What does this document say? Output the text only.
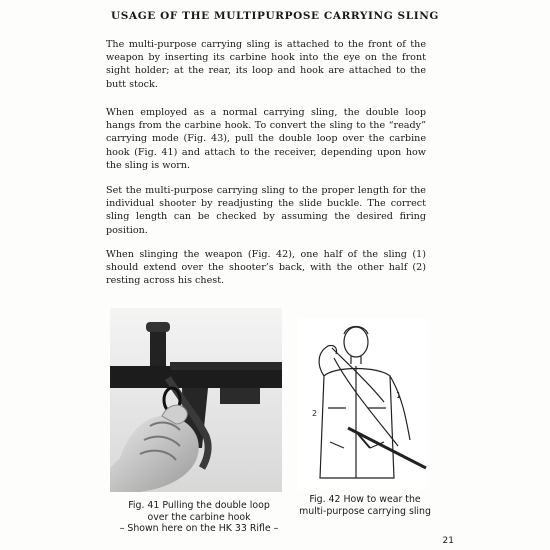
USAGE OF THE MULTIPURPOSE CARRYING SLING
The multi-purpose carrying sling is attached to the front of the weapon by inserting its carbine hook into the eye on the front sight holder; at the rear, its loop and hook are attached to the butt stock.
When employed as a normal carrying sling, the double loop hangs from the carbine hook. To convert the sling to the “ready” carrying mode (Fig. 43), pull the double loop over the carbine hook (Fig. 41) and attach to the receiver, depending upon how the sling is worn.
Set the multi-purpose carrying sling to the proper length for the individual shooter by readjusting the slide buckle. The correct sling length can be checked by assuming the desired firing position.
When slinging the weapon (Fig. 42), one half of the sling (1) should extend over the shooter’s back, with the other half (2) resting across his chest.
1
2
Fig. 41 Pulling the double loop
over the carbine hook
– Shown here on the HK 33 Rifle –
Fig. 42 How to wear the
multi-purpose carrying sling
21
